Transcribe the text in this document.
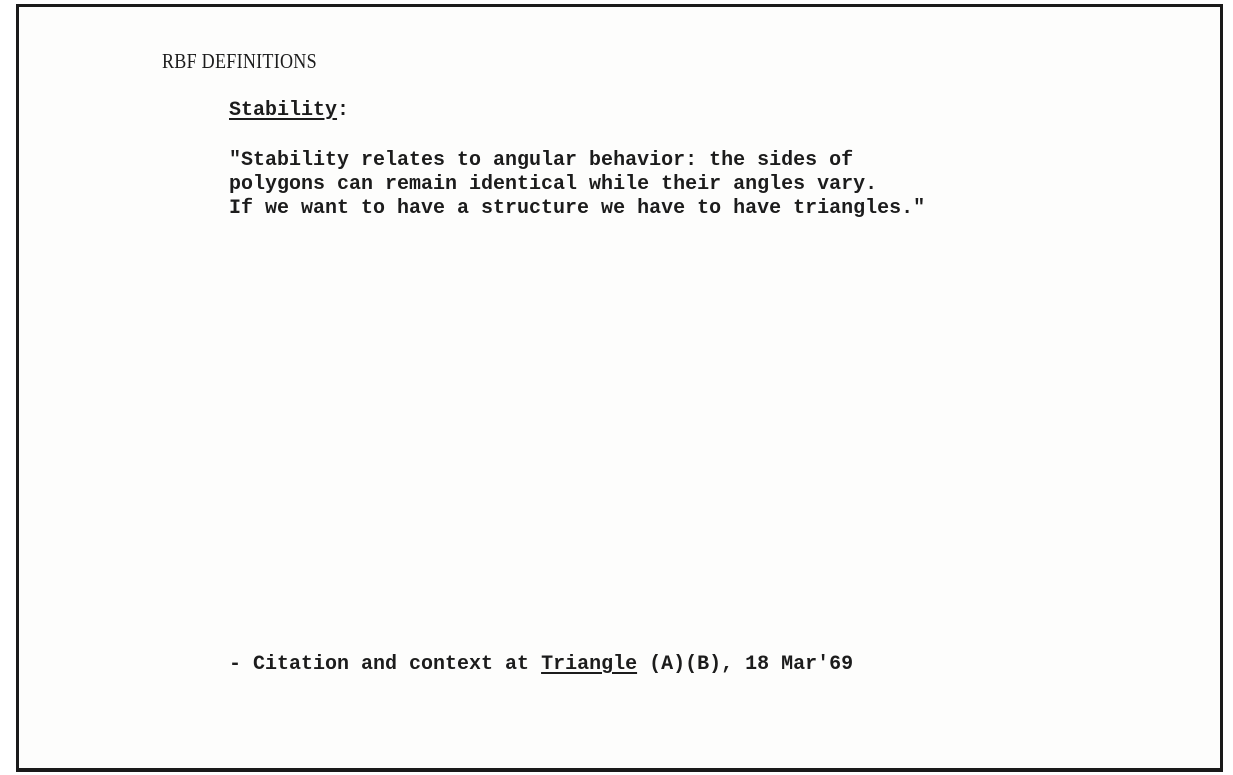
RBF DEFINITIONS
Stability:
"Stability relates to angular behavior: the sides of
polygons can remain identical while their angles vary.
If we want to have a structure we have to have triangles."
- Citation and context at Triangle (A)(B), 18 Mar'69
